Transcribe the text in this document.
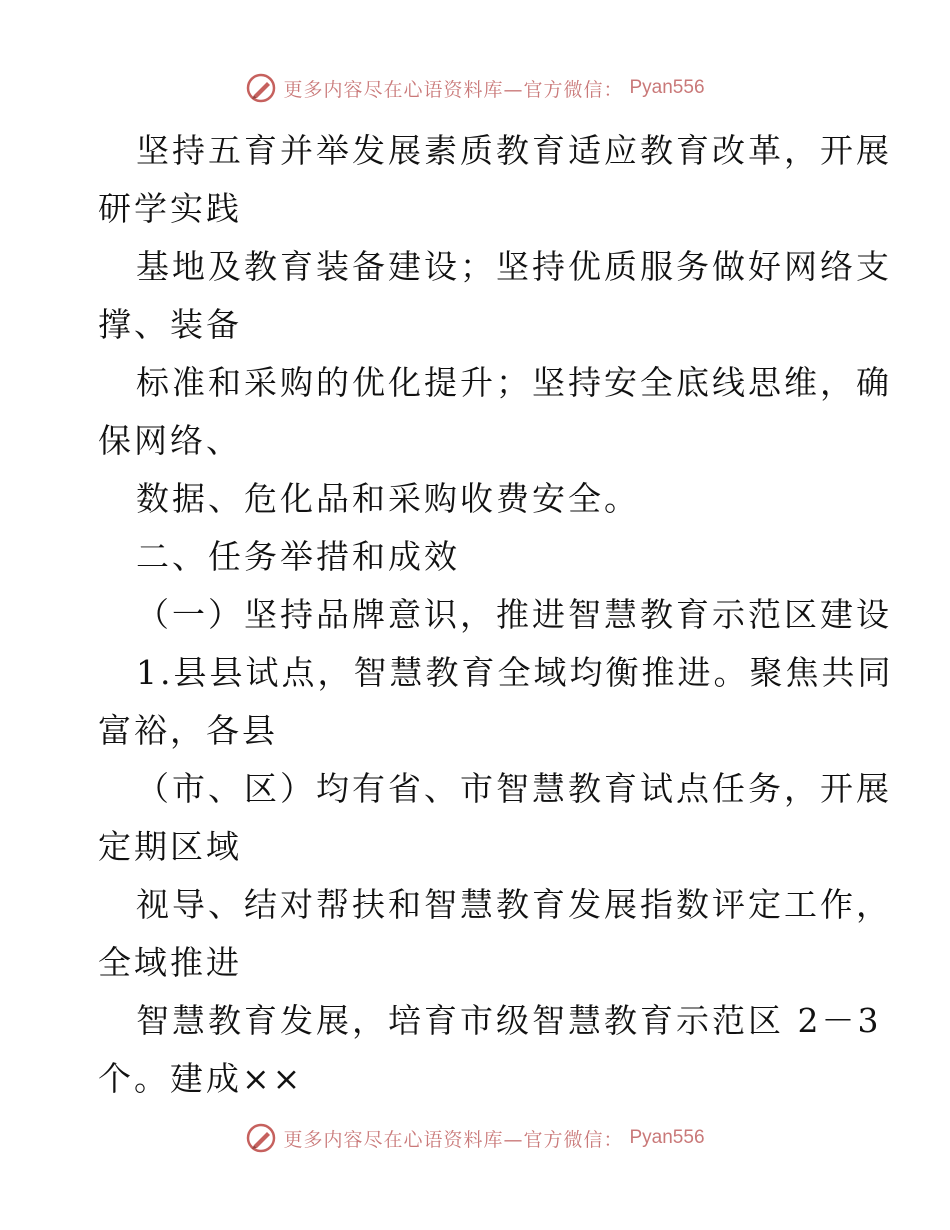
更多内容尽在心语资料库—官方微信： Pyan556
坚持五育并举发展素质教育适应教育改革，开展
研学实践
基地及教育装备建设；坚持优质服务做好网络支
撑、装备
标准和采购的优化提升；坚持安全底线思维，确
保网络、
数据、危化品和采购收费安全。
二、任务举措和成效
（一）坚持品牌意识，推进智慧教育示范区建设
1.县县试点，智慧教育全域均衡推进。聚焦共同
富裕，各县
（市、区）均有省、市智慧教育试点任务，开展
定期区域
视导、结对帮扶和智慧教育发展指数评定工作，
全域推进
智慧教育发展，培育市级智慧教育示范区 2－3
个。建成××
更多内容尽在心语资料库—官方微信： Pyan556
